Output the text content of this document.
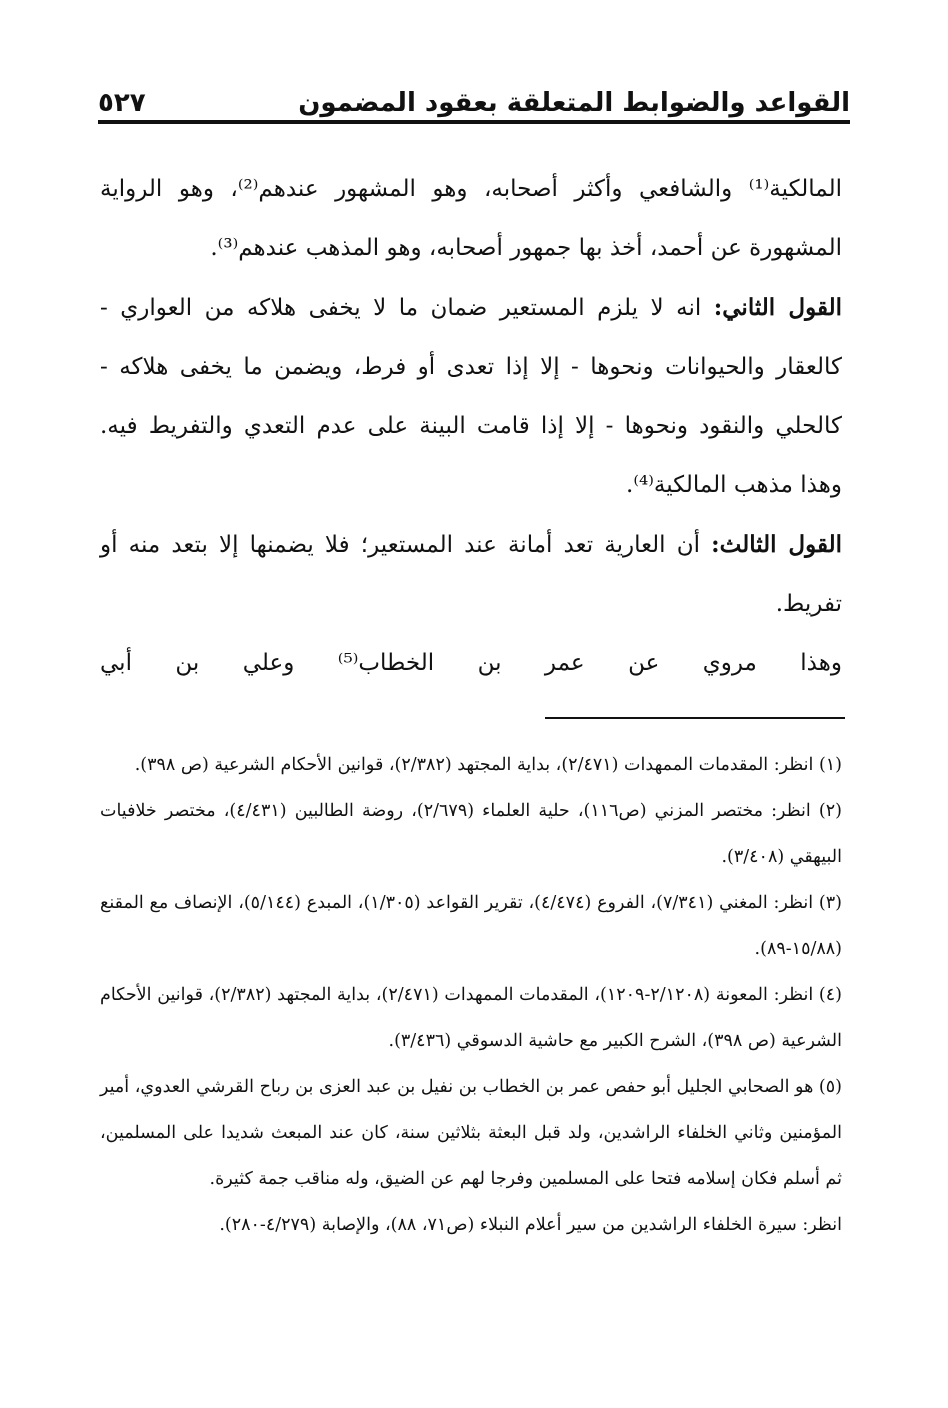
القواعد والضوابط المتعلقة بعقود المضمون
٥٢٧

المالكية⁽¹⁾ والشافعي وأكثر أصحابه، وهو المشهور عندهم⁽²⁾، وهو الرواية المشهورة عن أحمد، أخذ بها جمهور أصحابه، وهو المذهب عندهم⁽³⁾.

القول الثاني: انه لا يلزم المستعير ضمان ما لا يخفى هلاكه من العواري - كالعقار والحيوانات ونحوها - إلا إذا تعدى أو فرط، ويضمن ما يخفى هلاكه - كالحلي والنقود ونحوها - إلا إذا قامت البينة على عدم التعدي والتفريط فيه. وهذا مذهب المالكية⁽⁴⁾.

القول الثالث: أن العارية تعد أمانة عند المستعير؛ فلا يضمنها إلا بتعد منه أو تفريط.

وهذا مروي عن عمر بن الخطاب⁽⁵⁾ وعلي بن أبي

(١) انظر: المقدمات الممهدات (٢/٤٧١)، بداية المجتهد (٢/٣٨٢)، قوانين الأحكام الشرعية (ص ٣٩٨).

(٢) انظر: مختصر المزني (ص١١٦)، حلية العلماء (٢/٦٧٩)، روضة الطالبين (٤/٤٣١)، مختصر خلافيات البيهقي (٣/٤٠٨).

(٣) انظر: المغني (٧/٣٤١)، الفروع (٤/٤٧٤)، تقرير القواعد (١/٣٠٥)، المبدع (٥/١٤٤)، الإنصاف مع المقنع (١٥/٨٨-٨٩).

(٤) انظر: المعونة (٢/١٢٠٨-١٢٠٩)، المقدمات الممهدات (٢/٤٧١)، بداية المجتهد (٢/٣٨٢)، قوانين الأحكام الشرعية (ص ٣٩٨)، الشرح الكبير مع حاشية الدسوقي (٣/٤٣٦).

(٥) هو الصحابي الجليل أبو حفص عمر بن الخطاب بن نفيل بن عبد العزى بن رباح القرشي العدوي، أمير المؤمنين وثاني الخلفاء الراشدين، ولد قبل البعثة بثلاثين سنة، كان عند المبعث شديدا على المسلمين، ثم أسلم فكان إسلامه فتحا على المسلمين وفرجا لهم عن الضيق، وله مناقب جمة كثيرة.

انظر: سيرة الخلفاء الراشدين من سير أعلام النبلاء (ص٧١، ٨٨)، والإصابة (٤/٢٧٩-٢٨٠).
